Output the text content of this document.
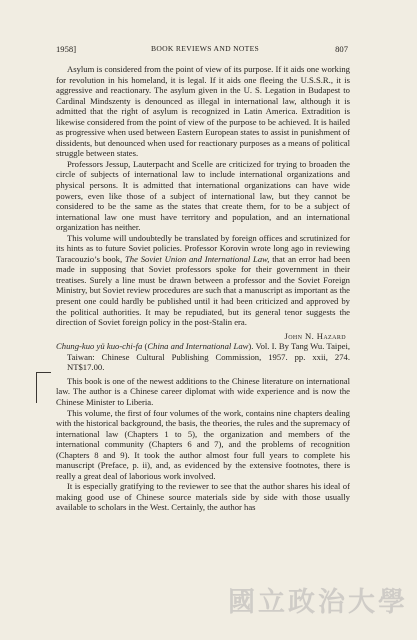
1958]	BOOK REVIEWS AND NOTES	807

Asylum is considered from the point of view of its purpose. If it aids one working for revolution in his homeland, it is legal. If it aids one fleeing the U.S.S.R., it is aggressive and reactionary. The asylum given in the U. S. Legation in Budapest to Cardinal Mindszenty is denounced as illegal in international law, although it is admitted that the right of asylum is recognized in Latin America. Extradition is likewise considered from the point of view of the purpose to be achieved. It is hailed as progressive when used between Eastern European states to assist in punishment of dissidents, but denounced when used for reactionary purposes as a means of political struggle between states.

Professors Jessup, Lauterpacht and Scelle are criticized for trying to broaden the circle of subjects of international law to include international organizations and physical persons. It is admitted that international organizations can have wide powers, even like those of a subject of international law, but they cannot be considered to be the same as the states that create them, for to be a subject of international law one must have territory and population, and an international organization has neither.

This volume will undoubtedly be translated by foreign offices and scrutinized for its hints as to future Soviet policies. Professor Korovin wrote long ago in reviewing Taracouzio’s book, The Soviet Union and International Law, that an error had been made in supposing that Soviet professors spoke for their government in their treatises. Surely a line must be drawn between a professor and the Soviet Foreign Ministry, but Soviet review procedures are such that a manuscript as important as the present one could hardly be published until it had been criticized and approved by the political authorities. It may be repudiated, but its general tenor suggests the direction of Soviet foreign policy in the post-Stalin era.

John N. Hazard

Chung-kuo yü kuo-chi-fa (China and International Law). Vol. I. By Tang Wu. Taipei, Taiwan: Chinese Cultural Publishing Commission, 1957. pp. xxii, 274. NT$17.00.

This book is one of the newest additions to the Chinese literature on international law. The author is a Chinese career diplomat with wide experience and is now the Chinese Minister to Liberia.

This volume, the first of four volumes of the work, contains nine chapters dealing with the historical background, the basis, the theories, the rules and the supremacy of international law (Chapters 1 to 5), the organization and members of the international community (Chapters 6 and 7), and the problems of recognition (Chapters 8 and 9). It took the author almost four full years to complete his manuscript (Preface, p. ii), and, as evidenced by the extensive footnotes, there is really a great deal of laborious work involved.

It is especially gratifying to the reviewer to see that the author shares his ideal of making good use of Chinese source materials side by side with those usually available to scholars in the West. Certainly, the author has

國立政治大學
